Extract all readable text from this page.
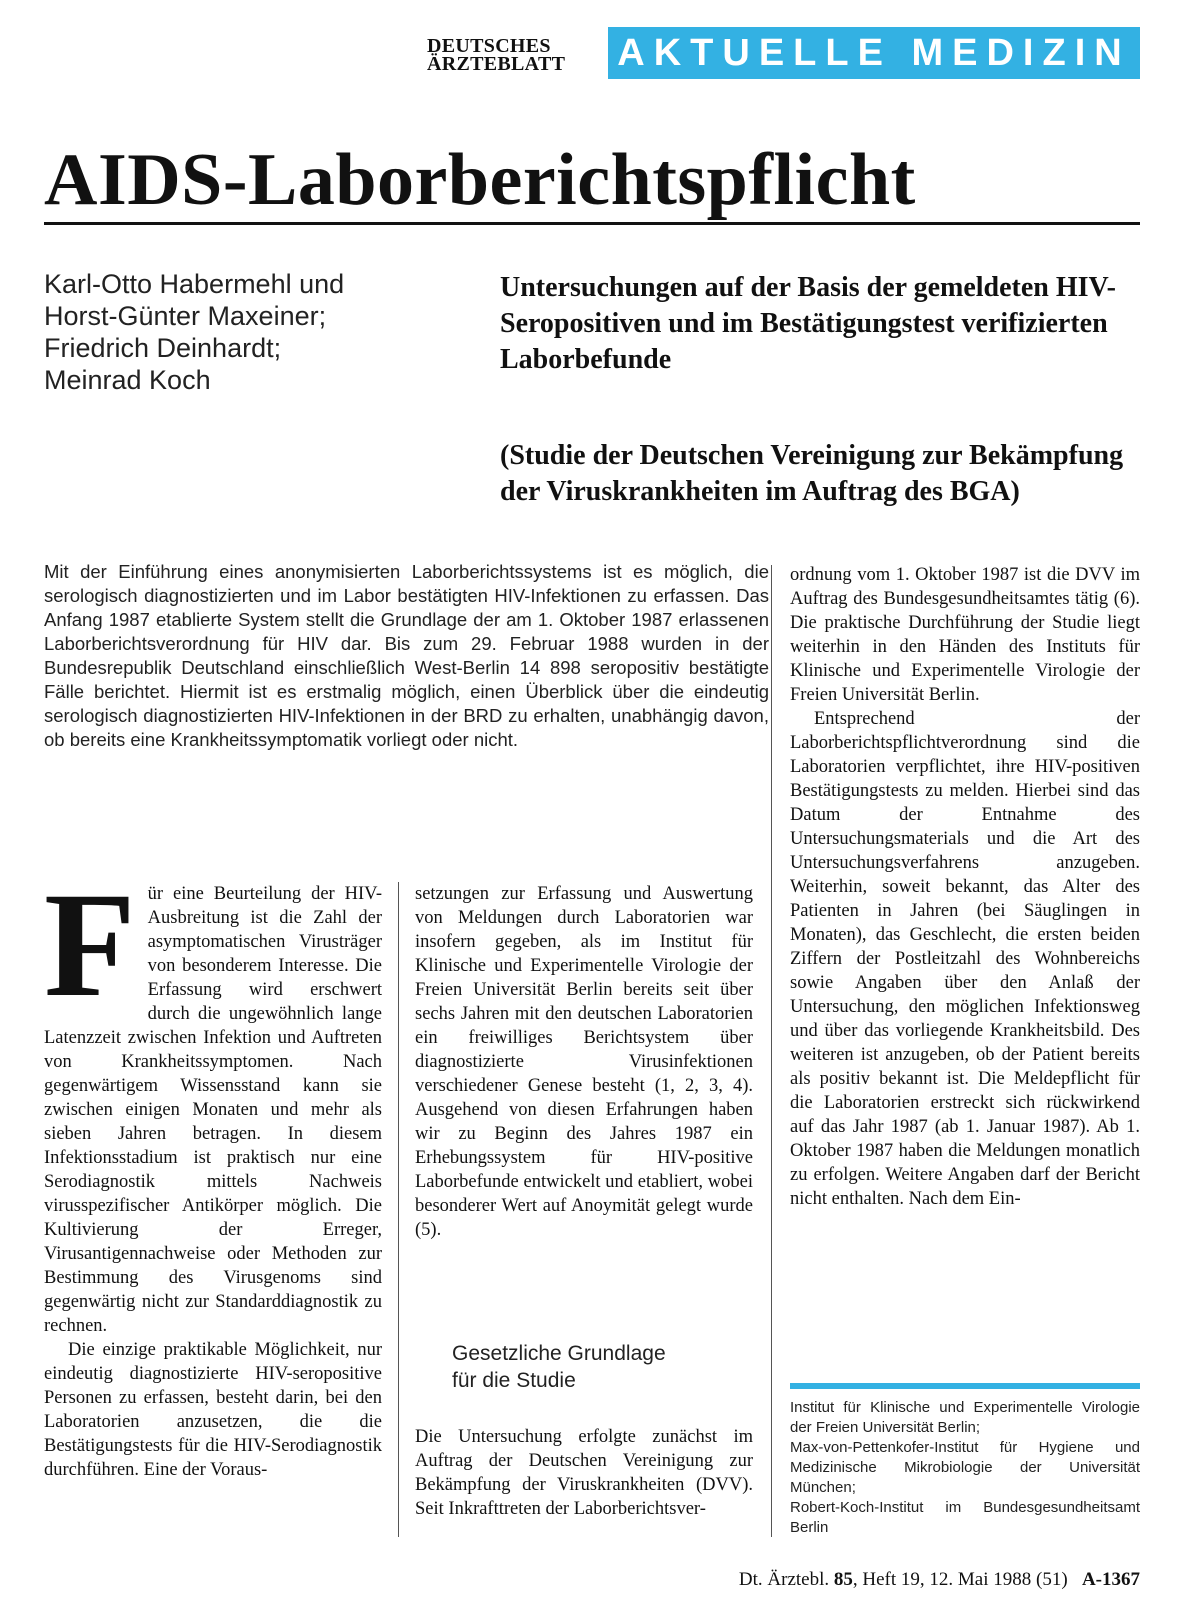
DEUTSCHES
ÄRZTEBLATT	AKTUELLE MEDIZIN
AIDS-Laborberichtspflicht
Karl-Otto Habermehl und
Horst-Günter Maxeiner;
Friedrich Deinhardt;
Meinrad Koch
Untersuchungen auf der Basis der gemeldeten HIV-Seropositiven und im Bestätigungstest verifizierten Laborbefunde
(Studie der Deutschen Vereinigung zur Bekämpfung der Viruskrankheiten im Auftrag des BGA)

Mit der Einführung eines anonymisierten Laborberichtssystems ist es möglich, die serologisch diagnostizierten und im Labor bestätigten HIV-Infektionen zu erfassen. Das Anfang 1987 etablierte System stellt die Grundlage der am 1. Oktober 1987 erlassenen Laborberichtsverordnung für HIV dar. Bis zum 29. Februar 1988 wurden in der Bundesrepublik Deutschland einschließlich West-Berlin 14 898 seropositiv bestätigte Fälle berichtet. Hiermit ist es erstmalig möglich, einen Überblick über die eindeutig serologisch diagnostizierten HIV-Infektionen in der BRD zu erhalten, unabhängig davon, ob bereits eine Krankheitssymptomatik vorliegt oder nicht.

Für eine Beurteilung der HIV-Ausbreitung ist die Zahl der asymptomatischen Virusträger von besonderem Interesse. Die Erfassung wird erschwert durch die ungewöhnlich lange Latenzzeit zwischen Infektion und Auftreten von Krankheitssymptomen. Nach gegenwärtigem Wissensstand kann sie zwischen einigen Monaten und mehr als sieben Jahren betragen. In diesem Infektionsstadium ist praktisch nur eine Serodiagnostik mittels Nachweis virusspezifischer Antikörper möglich. Die Kultivierung der Erreger, Virusantigennachweise oder Methoden zur Bestimmung des Virusgenoms sind gegenwärtig nicht zur Standarddiagnostik zu rechnen.

Die einzige praktikable Möglichkeit, nur eindeutig diagnostizierte HIV-seropositive Personen zu erfassen, besteht darin, bei den Laboratorien anzusetzen, die die Bestätigungstests für die HIV-Serodiagnostik durchführen. Eine der Voraus-

setzungen zur Erfassung und Auswertung von Meldungen durch Laboratorien war insofern gegeben, als im Institut für Klinische und Experimentelle Virologie der Freien Universität Berlin bereits seit über sechs Jahren mit den deutschen Laboratorien ein freiwilliges Berichtsystem über diagnostizierte Virusinfektionen verschiedener Genese besteht (1, 2, 3, 4). Ausgehend von diesen Erfahrungen haben wir zu Beginn des Jahres 1987 ein Erhebungssystem für HIV-positive Laborbefunde entwickelt und etabliert, wobei besonderer Wert auf Anoymität gelegt wurde (5).

Gesetzliche Grundlage
für die Studie

Die Untersuchung erfolgte zunächst im Auftrag der Deutschen Vereinigung zur Bekämpfung der Viruskrankheiten (DVV). Seit Inkrafttreten der Laborberichtsver-

ordnung vom 1. Oktober 1987 ist die DVV im Auftrag des Bundesgesundheitsamtes tätig (6). Die praktische Durchführung der Studie liegt weiterhin in den Händen des Instituts für Klinische und Experimentelle Virologie der Freien Universität Berlin.

Entsprechend der Laborberichtspflichtverordnung sind die Laboratorien verpflichtet, ihre HIV-positiven Bestätigungstests zu melden. Hierbei sind das Datum der Entnahme des Untersuchungsmaterials und die Art des Untersuchungsverfahrens anzugeben. Weiterhin, soweit bekannt, das Alter des Patienten in Jahren (bei Säuglingen in Monaten), das Geschlecht, die ersten beiden Ziffern der Postleitzahl des Wohnbereichs sowie Angaben über den Anlaß der Untersuchung, den möglichen Infektionsweg und über das vorliegende Krankheitsbild. Des weiteren ist anzugeben, ob der Patient bereits als positiv bekannt ist. Die Meldepflicht für die Laboratorien erstreckt sich rückwirkend auf das Jahr 1987 (ab 1. Januar 1987). Ab 1. Oktober 1987 haben die Meldungen monatlich zu erfolgen. Weitere Angaben darf der Bericht nicht enthalten. Nach dem Ein-

Institut für Klinische und Experimentelle Virologie der Freien Universität Berlin;
Max-von-Pettenkofer-Institut für Hygiene und Medizinische Mikrobiologie der Universität München;
Robert-Koch-Institut im Bundesgesundheitsamt Berlin
Dt. Ärztebl. 85, Heft 19, 12. Mai 1988 (51) A-1367
